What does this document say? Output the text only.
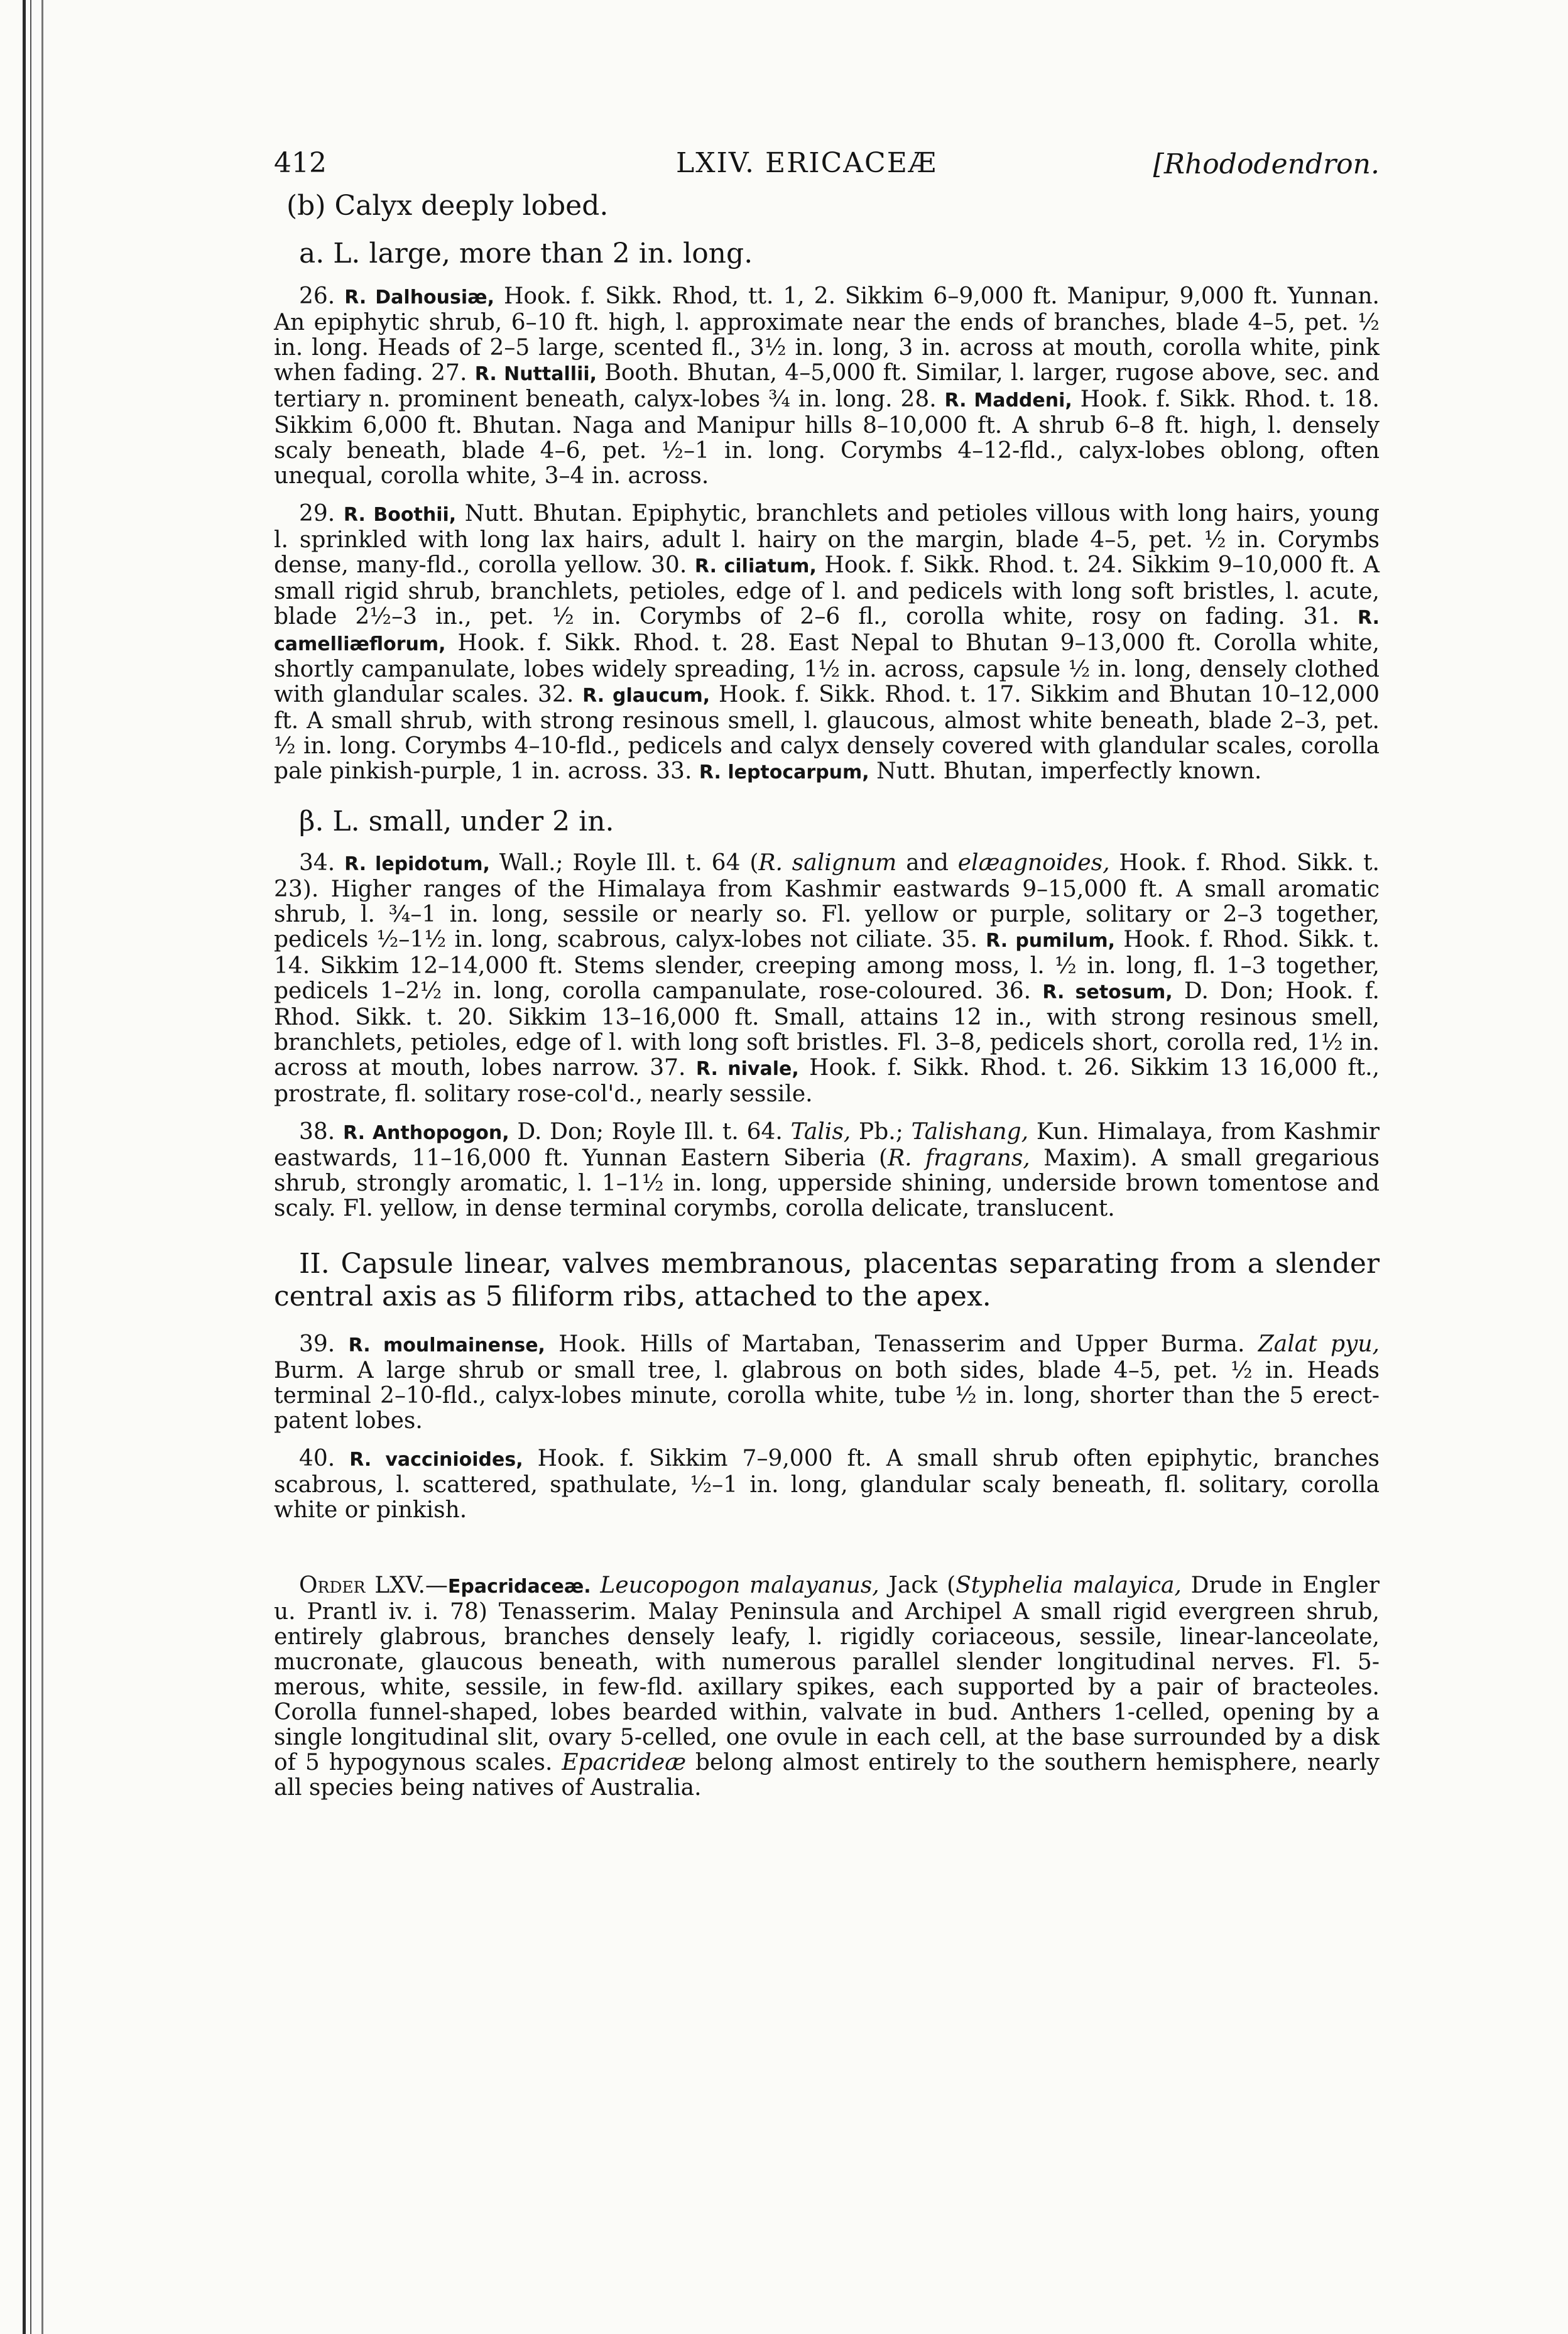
412	LXIV. ERICACEÆ	[Rhododendron.

(b) Calyx deeply lobed.

a. L. large, more than 2 in. long.

26. R. Dalhousiæ, Hook. f. Sikk. Rhod, tt. 1, 2. Sikkim 6–9,000 ft. Manipur, 9,000 ft. Yunnan. An epiphytic shrub, 6–10 ft. high, l. approximate near the ends of branches, blade 4–5, pet. ½ in. long. Heads of 2–5 large, scented fl., 3½ in. long, 3 in. across at mouth, corolla white, pink when fading. 27. R. Nuttallii, Booth. Bhutan, 4–5,000 ft. Similar, l. larger, rugose above, sec. and tertiary n. prominent beneath, calyx-lobes ¾ in. long. 28. R. Maddeni, Hook. f. Sikk. Rhod. t. 18. Sikkim 6,000 ft. Bhutan. Naga and Manipur hills 8–10,000 ft. A shrub 6–8 ft. high, l. densely scaly beneath, blade 4–6, pet. ½–1 in. long. Corymbs 4–12-fld., calyx-lobes oblong, often unequal, corolla white, 3–4 in. across.

29. R. Boothii, Nutt. Bhutan. Epiphytic, branchlets and petioles villous with long hairs, young l. sprinkled with long lax hairs, adult l. hairy on the margin, blade 4–5, pet. ½ in. Corymbs dense, many-fld., corolla yellow. 30. R. ciliatum, Hook. f. Sikk. Rhod. t. 24. Sikkim 9–10,000 ft. A small rigid shrub, branchlets, petioles, edge of l. and pedicels with long soft bristles, l. acute, blade 2½–3 in., pet. ½ in. Corymbs of 2–6 fl., corolla white, rosy on fading. 31. R. camelliæflorum, Hook. f. Sikk. Rhod. t. 28. East Nepal to Bhutan 9–13,000 ft. Corolla white, shortly campanulate, lobes widely spreading, 1½ in. across, capsule ½ in. long, densely clothed with glandular scales. 32. R. glaucum, Hook. f. Sikk. Rhod. t. 17. Sikkim and Bhutan 10–12,000 ft. A small shrub, with strong resinous smell, l. glaucous, almost white beneath, blade 2–3, pet. ½ in. long. Corymbs 4–10-fld., pedicels and calyx densely covered with glandular scales, corolla pale pinkish-purple, 1 in. across. 33. R. leptocarpum, Nutt. Bhutan, imperfectly known.

β. L. small, under 2 in.

34. R. lepidotum, Wall.; Royle Ill. t. 64 (R. salignum and elæagnoides, Hook. f. Rhod. Sikk. t. 23). Higher ranges of the Himalaya from Kashmir eastwards 9–15,000 ft. A small aromatic shrub, l. ¾–1 in. long, sessile or nearly so. Fl. yellow or purple, solitary or 2–3 together, pedicels ½–1½ in. long, scabrous, calyx-lobes not ciliate. 35. R. pumilum, Hook. f. Rhod. Sikk. t. 14. Sikkim 12–14,000 ft. Stems slender, creeping among moss, l. ½ in. long, fl. 1–3 together, pedicels 1–2½ in. long, corolla campanulate, rose-coloured. 36. R. setosum, D. Don; Hook. f. Rhod. Sikk. t. 20. Sikkim 13–16,000 ft. Small, attains 12 in., with strong resinous smell, branchlets, petioles, edge of l. with long soft bristles. Fl. 3–8, pedicels short, corolla red, 1½ in. across at mouth, lobes narrow. 37. R. nivale, Hook. f. Sikk. Rhod. t. 26. Sikkim 13 16,000 ft., prostrate, fl. solitary rose-col'd., nearly sessile.

38. R. Anthopogon, D. Don; Royle Ill. t. 64. Talis, Pb.; Talishang, Kun. Himalaya, from Kashmir eastwards, 11–16,000 ft. Yunnan Eastern Siberia (R. fragrans, Maxim). A small gregarious shrub, strongly aromatic, l. 1–1½ in. long, upperside shining, underside brown tomentose and scaly. Fl. yellow, in dense terminal corymbs, corolla delicate, translucent.

II. Capsule linear, valves membranous, placentas separating from a slender central axis as 5 filiform ribs, attached to the apex.

39. R. moulmainense, Hook. Hills of Martaban, Tenasserim and Upper Burma. Zalat pyu, Burm. A large shrub or small tree, l. glabrous on both sides, blade 4–5, pet. ½ in. Heads terminal 2–10-fld., calyx-lobes minute, corolla white, tube ½ in. long, shorter than the 5 erect-patent lobes.

40. R. vaccinioides, Hook. f. Sikkim 7–9,000 ft. A small shrub often epiphytic, branches scabrous, l. scattered, spathulate, ½–1 in. long, glandular scaly beneath, fl. solitary, corolla white or pinkish.

Order LXV.—Epacridaceæ. Leucopogon malayanus, Jack (Styphelia malayica, Drude in Engler u. Prantl iv. i. 78) Tenasserim. Malay Peninsula and Archipel A small rigid evergreen shrub, entirely glabrous, branches densely leafy, l. rigidly coriaceous, sessile, linear-lanceolate, mucronate, glaucous beneath, with numerous parallel slender longitudinal nerves. Fl. 5-merous, white, sessile, in few-fld. axillary spikes, each supported by a pair of bracteoles. Corolla funnel-shaped, lobes bearded within, valvate in bud. Anthers 1-celled, opening by a single longitudinal slit, ovary 5-celled, one ovule in each cell, at the base surrounded by a disk of 5 hypogynous scales. Epacrideæ belong almost entirely to the southern hemisphere, nearly all species being natives of Australia.
